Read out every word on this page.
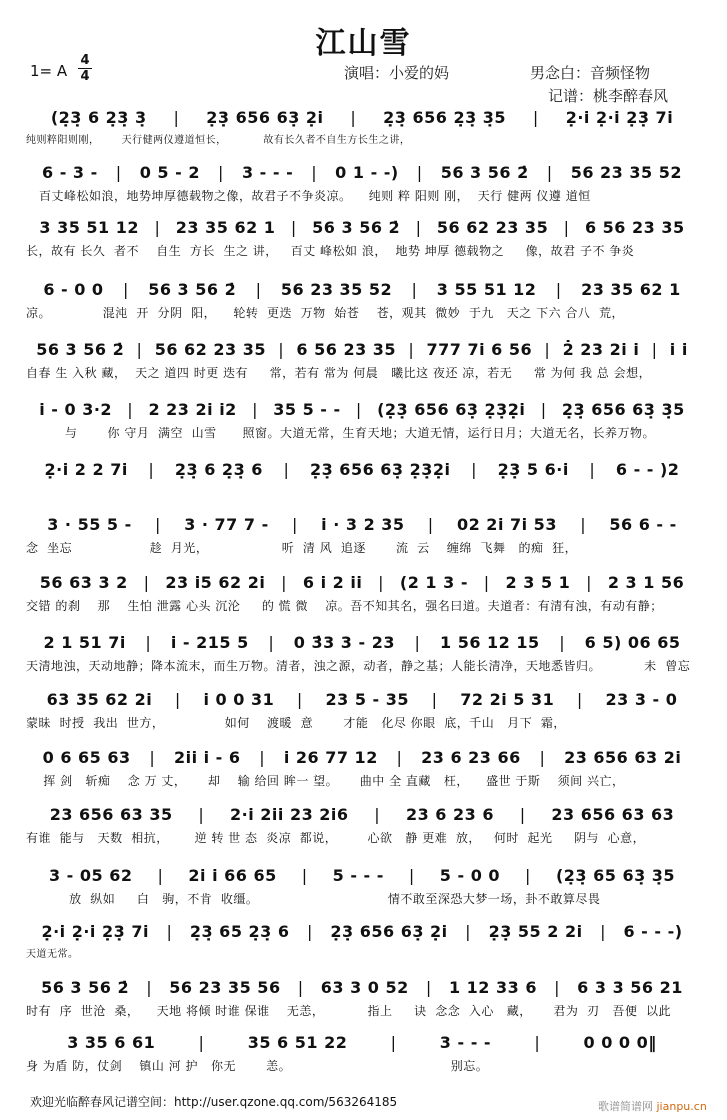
江山雪
1= A
4
4	演唱：小爱的妈	男念白：音频怪物
记谱：桃李醉春风
(2̣3̣ 6 2̣3̣ 3̣	|	2̣3̣ 656 63̣ 2̣i	|	2̣3̣ 656 2̣3̣ 3̣5	|	2̣·i 2̣·i 2̣3̣ 7i
纯则粹阳则刚，      天行健两仪遵道恒长，          故有长久者不自生方长生之讲，
6 - 3 -	|	0 5 - 2	|	3 - - -	|	0 1 - -)	|	56 3 56 2̇	|	56 23 35 52
百丈峰松如浪，地势坤厚德载物之像，故君子不争炎凉。    纯则 粹 阳则 刚，  天行 健两 仪遵 道恒
3 35 51 12 | 23 35 62 1 | 56 3 56 2̇ | 56 62 23 35 | 6 56 23 35
长，故有 长久  者不    自生  方长  生之 讲，   百丈 峰松如 浪，  地势 坤厚 德载物之     像，故君 子不 争炎
6 - 0 0	|	56 3 56 2̇	|	56 23 35 52	|	3 55 51 12	|	23 35 62 1
凉。            混沌  开  分阴  阳，    轮转  更迭  万物  始苍    苍，观其  微妙  于九   天之 下六 合八  荒，
56 3 56 2̇ | 56 62 23 35 | 6 56 23 35 | 777 7i 6 56 | 2̇ 23 2i i | i i
自春 生 入秋 藏，  天之 道四 时更 迭有     常，若有 常为 何晨   曦比这 夜还 凉，若无     常 为何 我 总 会想，
i - 0 3·2 | 2 23 2i i2 | 35 5 - - | (2̣3̣ 656 63̣ 2̣3̣2̣i | 2̣3̣ 656 63̣ 3̣5
与       你 守月  满空  山雪      照窗。大道无常，生育天地；大道无情，运行日月；大道无名，长养万物。
2̣·i 2 2 7i	|	2̣3̣ 6 2̣3̣ 6	|	2̣3̣ 656 63̣ 2̣3̣2̣i	|	2̣3̣ 5 6·i	|	6 - - )2
3 · 55 5 -	|	3 · 77 7 -	|	i · 3 2 35	|	02 2i 7i 53	|	56 6 - -
念  坐忘                  趁  月光，                 听  清 风  追逐       流  云    缠绵  飞舞   的痴  狂，
56 63 3 2 | 23 i5 62 2i | 6 i 2 ii | (2 1 3 - | 2 3 5 1 | 2 3 1 56
交错 的刹    那    生怕 泄露 心头 沉沦     的 慌 微    凉。吾不知其名，强名曰道。夫道者：有清有浊，有动有静；
2 1 51 7i	|	i - 215 5	|	0 3̇3 3 - 23	|	1 56 12 15	|	6 5) 06 65
天清地浊，天动地静；降本流末，而生万物。清者，浊之源，动者，静之基；人能长清净，天地悉皆归。          未  曾忘
63 35 62 2i	|	i 0 0 31	|	23 5 - 35	|	72 2i 5 31	|	23 3 - 0
蒙昧  时授  我出  世方，              如何    渡暖  意       才能   化尽 你眼  底，千山   月下  霜，
0 6 65 63	|	2ii i - 6	|	i 26 77 12	|	23 6 23 66	|	23 656 63 2i
挥 剑   斩痴    念 万 丈，     却    输 给回 眸一 望。     曲中 全 直藏   枉，    盛世 于斯    须间 兴亡，
23 656 63 35	|	2·i 2ii 23 2i6	|	23 6 23 6	|	23 656 63 63
有谁  能与   天数  相抗，      逆 转 世 态  炎凉  都说，       心欲   静 更难  放，   何时  起光     阴与  心意，
3 - 05 62	|	2i i 66 65	|	5 - - -	|	5 - 0 0	|	(2̣3̣ 65 63̣ 3̣5
放  纵如     白   驹，不肯  收缰。                              情不敢至深恐大梦一场，卦不敢算尽畏
2̣·i 2̣·i 2̣3̣ 7i	|	2̣3̣ 65 2̣3̣ 6	|	2̣3̣ 656 63̣ 2̣i	|	2̣3̣ 55 2 2i	|	6 - - -)
天道无常。
56 3 56 2̇	|	56 23 35 56	|	63 3 0 52	|	1 12 33 6	|	6 3 3 56 21
时有  序  世沧  桑，    天地 将倾 时谁 保谁    无恙，          指上     诀  念念  入心   藏，     君为  刃   吾便  以此
3 35 6 61	|	35 6 51 22	|	3 - - -	|	0 0 0 0‖
身 为盾 防，仗剑    镇山 河 护   你无       恙。                                     别忘。
欢迎光临醉春风记谱空间：http://user.qzone.qq.com/563264185	歌谱简谱网 jianpu.cn
